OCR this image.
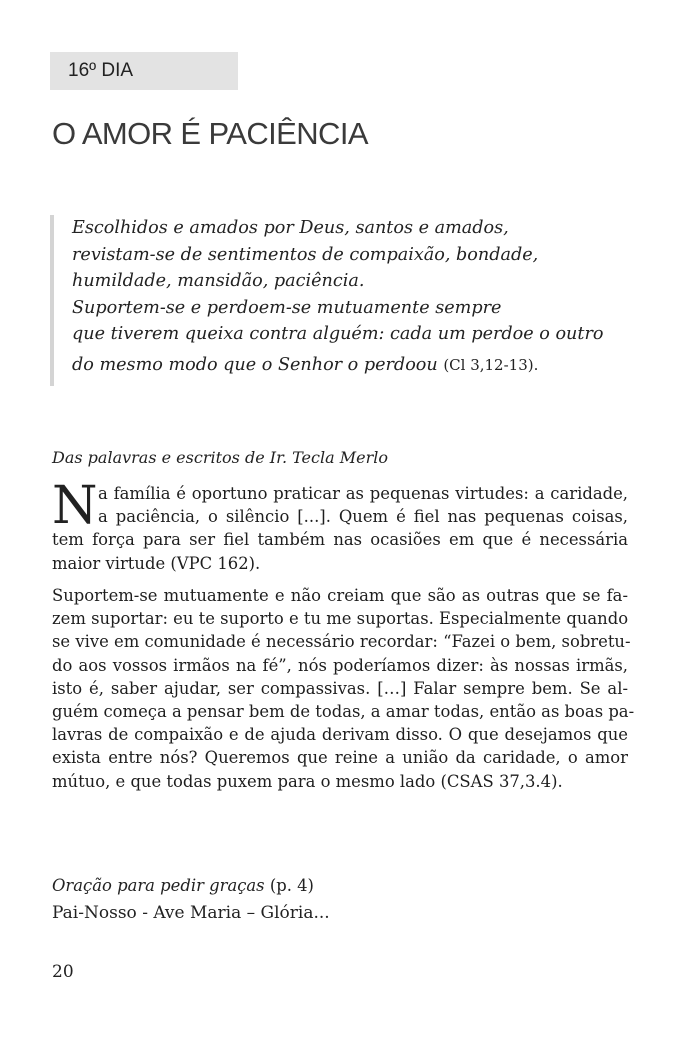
16º DIA
O AMOR É PACIÊNCIA
Escolhidos e amados por Deus, santos e amados,
revistam-se de sentimentos de compaixão, bondade,
humildade, mansidão, paciência.
Suportem-se e perdoem-se mutuamente sempre
que tiverem queixa contra alguém: cada um perdoe o outro
do mesmo modo que o Senhor o perdoou (Cl 3,12-13).
Das palavras e escritos de Ir. Tecla Merlo
N a família é oportuno praticar as pequenas virtudes: a caridade,
a paciência, o silêncio [...]. Quem é fiel nas pequenas coisas,
tem força para ser fiel também nas ocasiões em que é necessária
maior virtude (VPC 162).
Suportem-se mutuamente e não creiam que são as outras que se fa-
zem suportar: eu te suporto e tu me suportas. Especialmente quando
se vive em comunidade é necessário recordar: “Fazei o bem, sobretu-
do aos vossos irmãos na fé”, nós poderíamos dizer: às nossas irmãs,
isto é, saber ajudar, ser compassivas. […] Falar sempre bem. Se al-
guém começa a pensar bem de todas, a amar todas, então as boas pa-
lavras de compaixão e de ajuda derivam disso. O que desejamos que
exista entre nós? Queremos que reine a união da caridade, o amor
mútuo, e que todas puxem para o mesmo lado (CSAS 37,3.4).
Oração para pedir graças (p. 4)
Pai-Nosso - Ave Maria – Glória...
20
